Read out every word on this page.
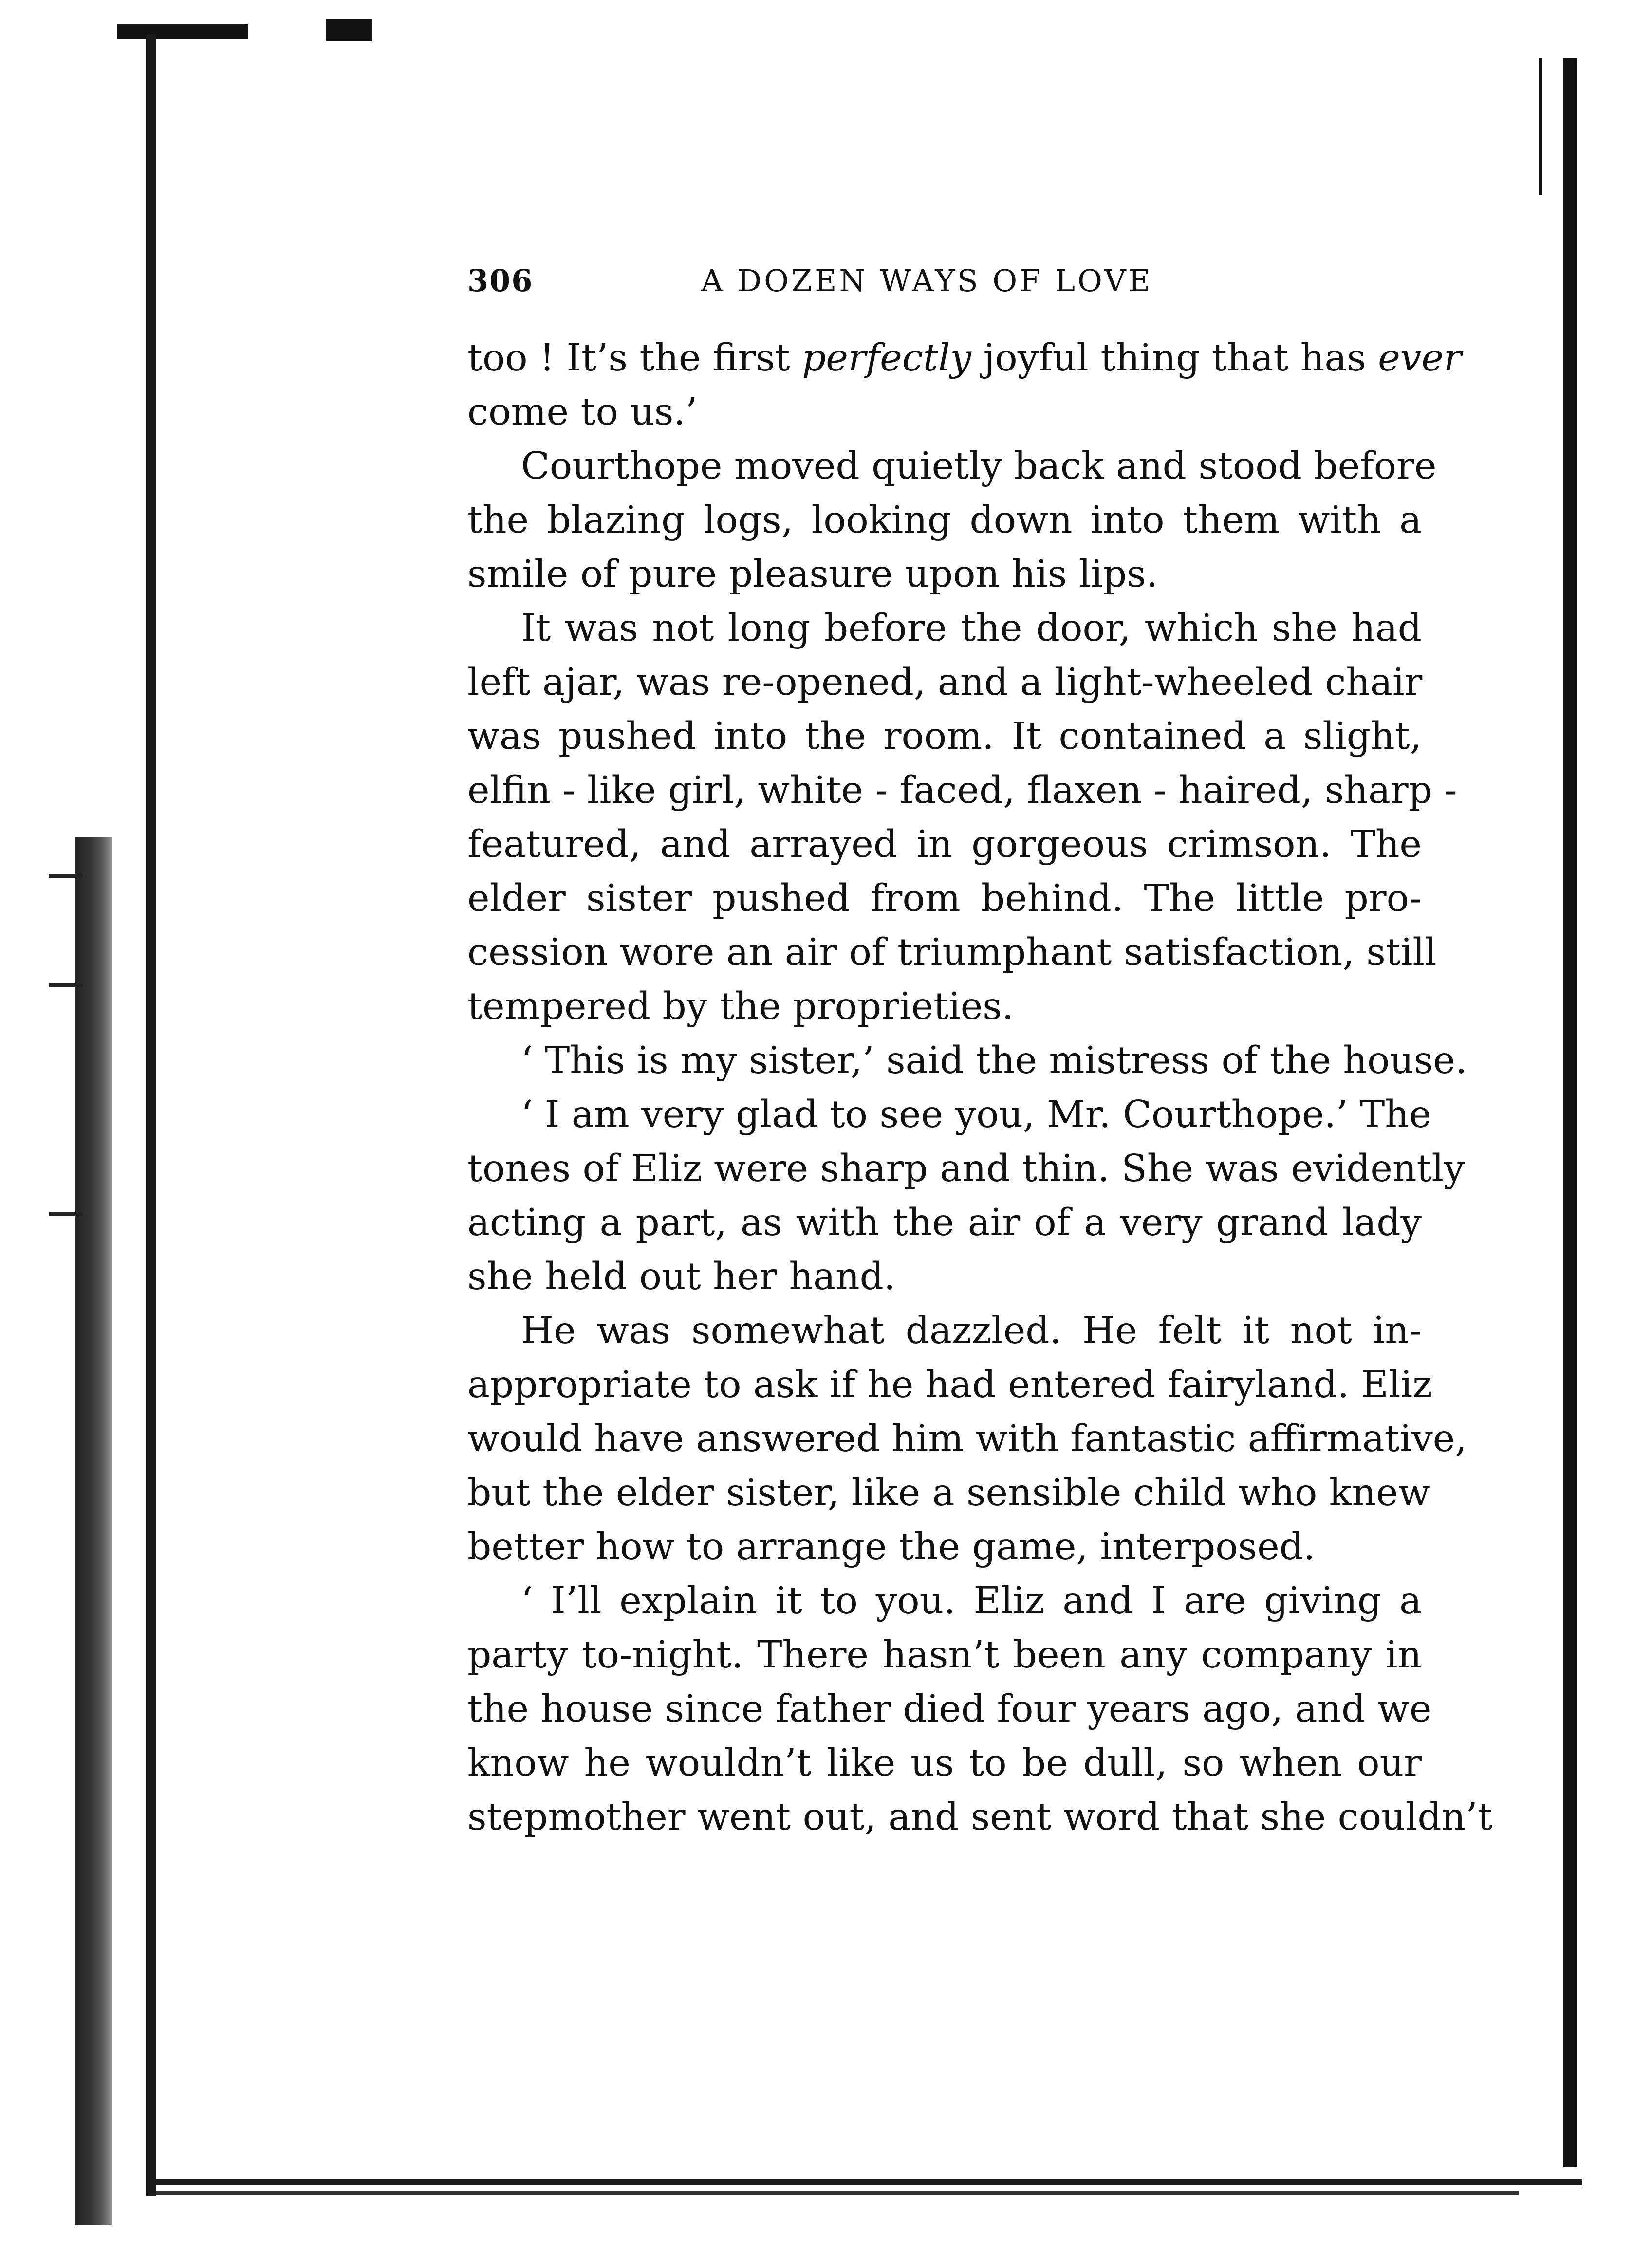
306	A DOZEN WAYS OF LOVE
too ! It’s the first perfectly joyful thing that has ever
come to us.’
Courthope moved quietly back and stood before
the blazing logs, looking down into them with a
smile of pure pleasure upon his lips.
It was not long before the door, which she had
left ajar, was re-opened, and a light-wheeled chair
was pushed into the room. It contained a slight,
elfin - like girl, white - faced, flaxen - haired, sharp -
featured, and arrayed in gorgeous crimson. The
elder sister pushed from behind. The little pro-
cession wore an air of triumphant satisfaction, still
tempered by the proprieties.
‘ This is my sister,’ said the mistress of the house.
‘ I am very glad to see you, Mr. Courthope.’ The
tones of Eliz were sharp and thin. She was evidently
acting a part, as with the air of a very grand lady
she held out her hand.
He was somewhat dazzled. He felt it not in-
appropriate to ask if he had entered fairyland. Eliz
would have answered him with fantastic affirmative,
but the elder sister, like a sensible child who knew
better how to arrange the game, interposed.
‘ I’ll explain it to you. Eliz and I are giving a
party to-night. There hasn’t been any company in
the house since father died four years ago, and we
know he wouldn’t like us to be dull, so when our
stepmother went out, and sent word that she couldn’t
